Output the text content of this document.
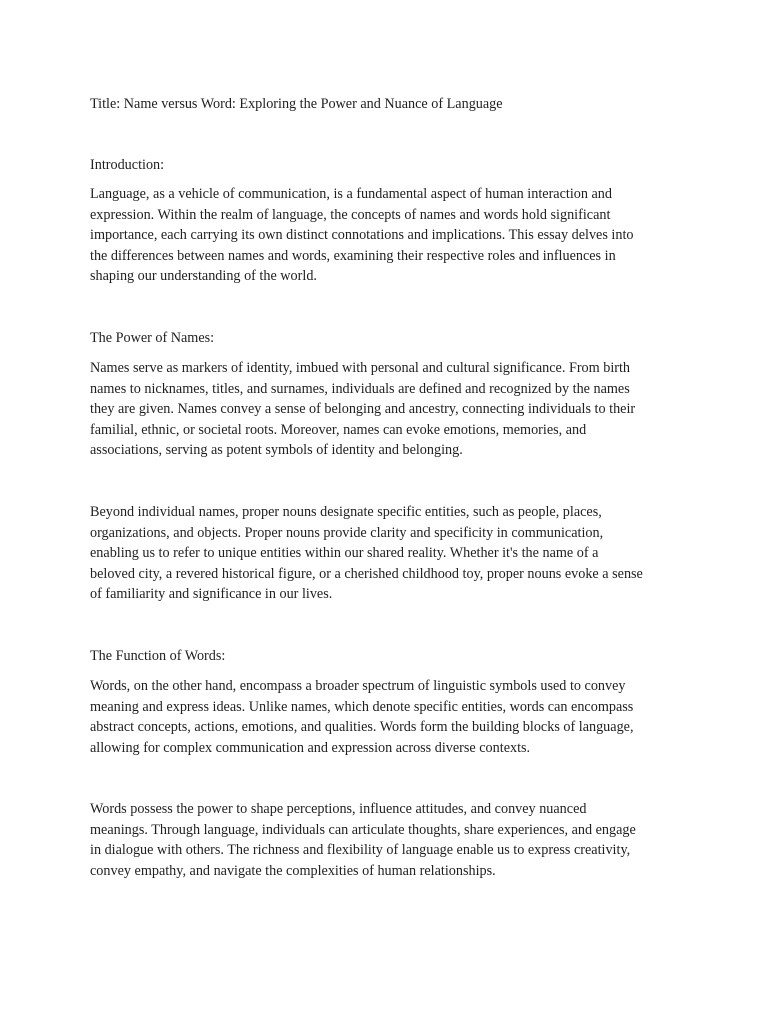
Title: Name versus Word: Exploring the Power and Nuance of Language
Introduction:
Language, as a vehicle of communication, is a fundamental aspect of human interaction and
expression. Within the realm of language, the concepts of names and words hold significant
importance, each carrying its own distinct connotations and implications. This essay delves into
the differences between names and words, examining their respective roles and influences in
shaping our understanding of the world.
The Power of Names:
Names serve as markers of identity, imbued with personal and cultural significance. From birth
names to nicknames, titles, and surnames, individuals are defined and recognized by the names
they are given. Names convey a sense of belonging and ancestry, connecting individuals to their
familial, ethnic, or societal roots. Moreover, names can evoke emotions, memories, and
associations, serving as potent symbols of identity and belonging.
Beyond individual names, proper nouns designate specific entities, such as people, places,
organizations, and objects. Proper nouns provide clarity and specificity in communication,
enabling us to refer to unique entities within our shared reality. Whether it's the name of a
beloved city, a revered historical figure, or a cherished childhood toy, proper nouns evoke a sense
of familiarity and significance in our lives.
The Function of Words:
Words, on the other hand, encompass a broader spectrum of linguistic symbols used to convey
meaning and express ideas. Unlike names, which denote specific entities, words can encompass
abstract concepts, actions, emotions, and qualities. Words form the building blocks of language,
allowing for complex communication and expression across diverse contexts.
Words possess the power to shape perceptions, influence attitudes, and convey nuanced
meanings. Through language, individuals can articulate thoughts, share experiences, and engage
in dialogue with others. The richness and flexibility of language enable us to express creativity,
convey empathy, and navigate the complexities of human relationships.
